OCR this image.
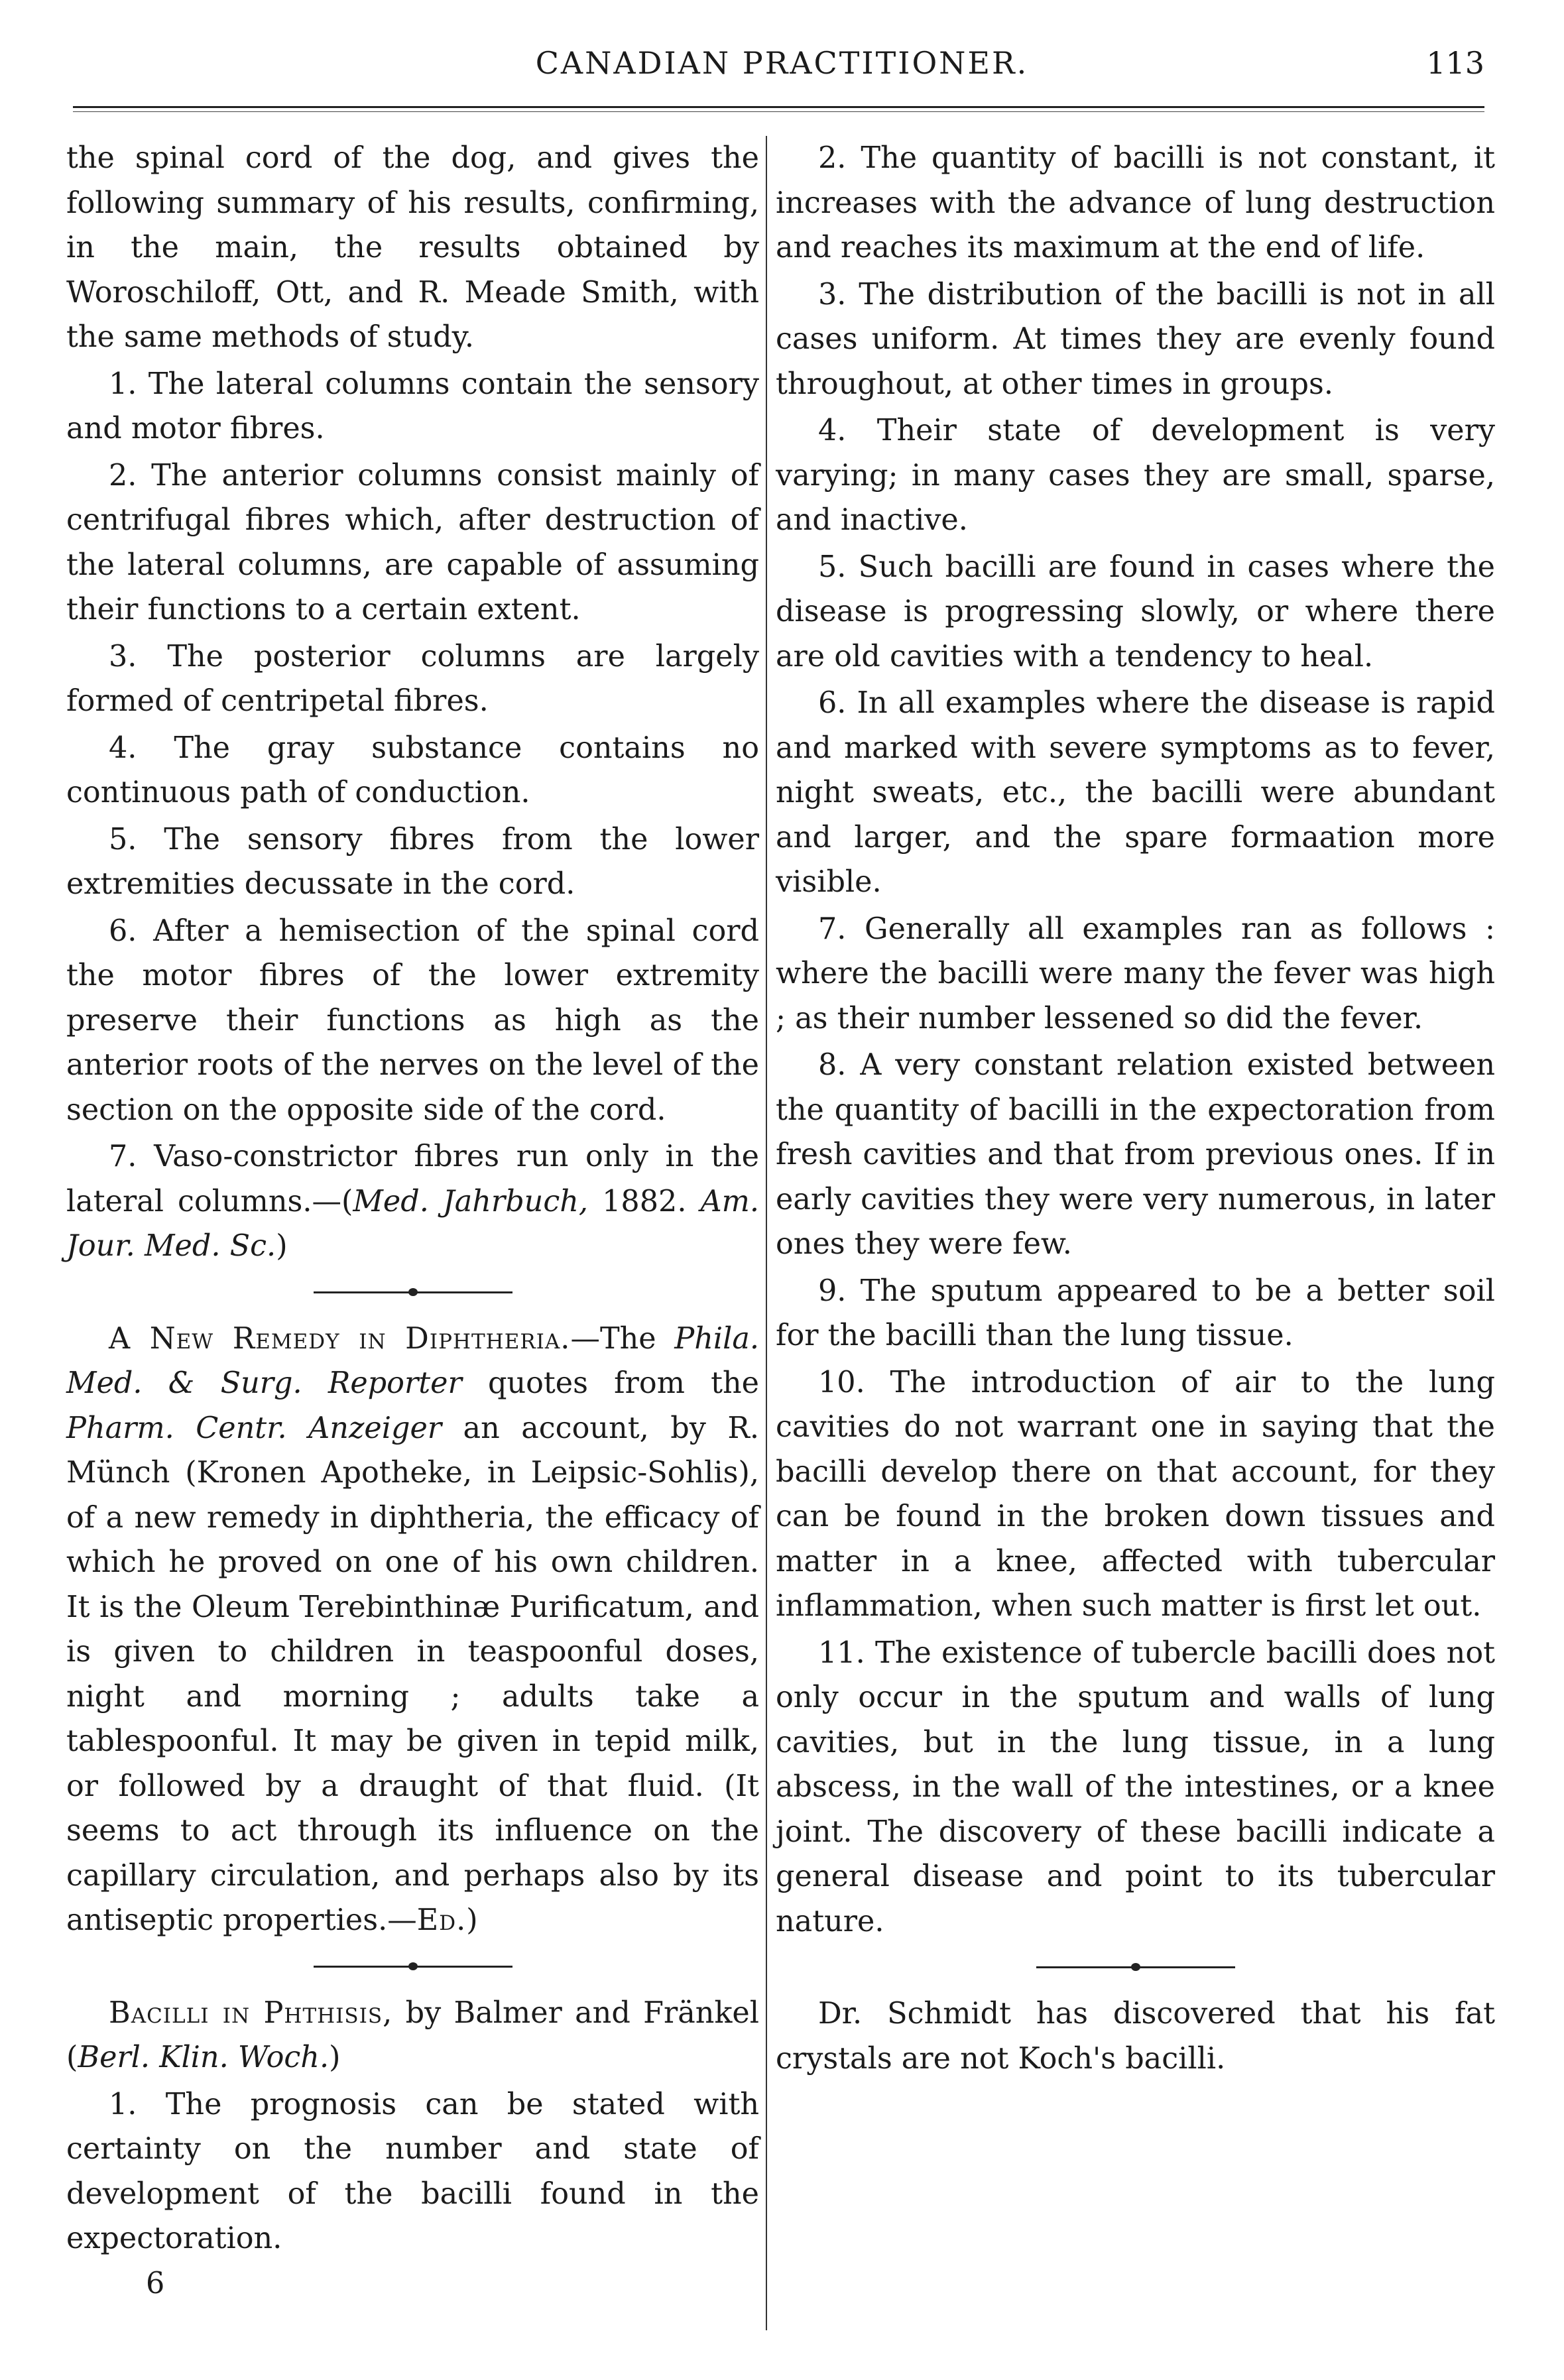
CANADIAN PRACTITIONER.	113

the spinal cord of the dog, and gives the following summary of his results, confirming, in the main, the results obtained by Woroschiloff, Ott, and R. Meade Smith, with the same methods of study.

1. The lateral columns contain the sensory and motor fibres.

2. The anterior columns consist mainly of centrifugal fibres which, after destruction of the lateral columns, are capable of assuming their functions to a certain extent.

3. The posterior columns are largely formed of centripetal fibres.

4. The gray substance contains no continuous path of conduction.

5. The sensory fibres from the lower extremities decussate in the cord.

6. After a hemisection of the spinal cord the motor fibres of the lower extremity preserve their functions as high as the anterior roots of the nerves on the level of the section on the opposite side of the cord.

7. Vaso-constrictor fibres run only in the lateral columns.—(Med. Jahrbuch, 1882. Am. Jour. Med. Sc.)

A New Remedy in Diphtheria.—The Phila. Med. & Surg. Reporter quotes from the Pharm. Centr. Anzeiger an account, by R. Münch (Kronen Apotheke, in Leipsic-Sohlis), of a new remedy in diphtheria, the efficacy of which he proved on one of his own children. It is the Oleum Terebinthinæ Purificatum, and is given to children in teaspoonful doses, night and morning ; adults take a tablespoonful. It may be given in tepid milk, or followed by a draught of that fluid. (It seems to act through its influence on the capillary circulation, and perhaps also by its antiseptic properties.—Ed.)

Bacilli in Phthisis, by Balmer and Fränkel (Berl. Klin. Woch.)

1. The prognosis can be stated with certainty on the number and state of development of the bacilli found in the expectoration.

6

2. The quantity of bacilli is not constant, it increases with the advance of lung destruction and reaches its maximum at the end of life.

3. The distribution of the bacilli is not in all cases uniform. At times they are evenly found throughout, at other times in groups.

4. Their state of development is very varying; in many cases they are small, sparse, and inactive.

5. Such bacilli are found in cases where the disease is progressing slowly, or where there are old cavities with a tendency to heal.

6. In all examples where the disease is rapid and marked with severe symptoms as to fever, night sweats, etc., the bacilli were abundant and larger, and the spare formaation more visible.

7. Generally all examples ran as follows : where the bacilli were many the fever was high ; as their number lessened so did the fever.

8. A very constant relation existed between the quantity of bacilli in the expectoration from fresh cavities and that from previous ones. If in early cavities they were very numerous, in later ones they were few.

9. The sputum appeared to be a better soil for the bacilli than the lung tissue.

10. The introduction of air to the lung cavities do not warrant one in saying that the bacilli develop there on that account, for they can be found in the broken down tissues and matter in a knee, affected with tubercular inflammation, when such matter is first let out.

11. The existence of tubercle bacilli does not only occur in the sputum and walls of lung cavities, but in the lung tissue, in a lung abscess, in the wall of the intestines, or a knee joint. The discovery of these bacilli indicate a general disease and point to its tubercular nature.

Dr. Schmidt has discovered that his fat crystals are not Koch's bacilli.
